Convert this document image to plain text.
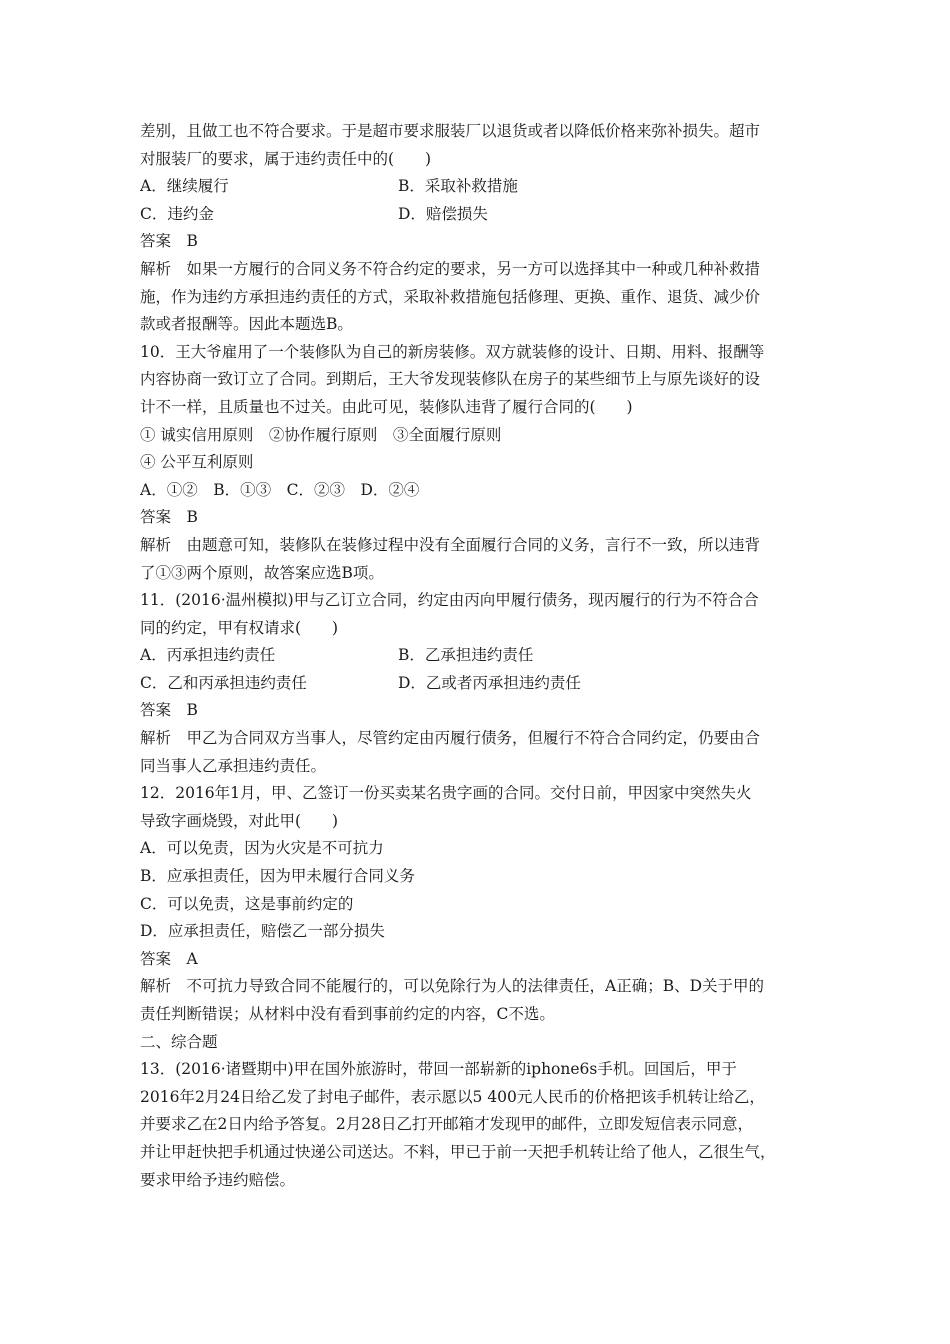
差别，且做工也不符合要求。于是超市要求服装厂以退货或者以降低价格来弥补损失。超市
对服装厂的要求，属于违约责任中的(　　)
A．继续履行	B．采取补救措施
C．违约金	D．赔偿损失
答案　B
解析　如果一方履行的合同义务不符合约定的要求，另一方可以选择其中一种或几种补救措
施，作为违约方承担违约责任的方式，采取补救措施包括修理、更换、重作、退货、减少价
款或者报酬等。因此本题选B。
10．王大爷雇用了一个装修队为自己的新房装修。双方就装修的设计、日期、用料、报酬等
内容协商一致订立了合同。到期后，王大爷发现装修队在房子的某些细节上与原先谈好的设
计不一样，且质量也不过关。由此可见，装修队违背了履行合同的(　　)
① 诚实信用原则　②协作履行原则　③全面履行原则
④ 公平互利原则
A．①②　B．①③　C．②③　D．②④
答案　B
解析　由题意可知，装修队在装修过程中没有全面履行合同的义务，言行不一致，所以违背
了①③两个原则，故答案应选B项。
11．(2016·温州模拟)甲与乙订立合同，约定由丙向甲履行债务，现丙履行的行为不符合合
同的约定，甲有权请求(　　)
A．丙承担违约责任	B．乙承担违约责任
C．乙和丙承担违约责任	D．乙或者丙承担违约责任
答案　B
解析　甲乙为合同双方当事人，尽管约定由丙履行债务，但履行不符合合同约定，仍要由合
同当事人乙承担违约责任。
12．2016年1月，甲、乙签订一份买卖某名贵字画的合同。交付日前，甲因家中突然失火
导致字画烧毁，对此甲(　　)
A．可以免责，因为火灾是不可抗力
B．应承担责任，因为甲未履行合同义务
C．可以免责，这是事前约定的
D．应承担责任，赔偿乙一部分损失
答案　A
解析　不可抗力导致合同不能履行的，可以免除行为人的法律责任，A正确；B、D关于甲的
责任判断错误；从材料中没有看到事前约定的内容，C不选。
二、综合题
13．(2016·诸暨期中)甲在国外旅游时，带回一部崭新的iphone6s手机。回国后，甲于
2016年2月24日给乙发了封电子邮件，表示愿以5 400元人民币的价格把该手机转让给乙，
并要求乙在2日内给予答复。2月28日乙打开邮箱才发现甲的邮件，立即发短信表示同意，
并让甲赶快把手机通过快递公司送达。不料，甲已于前一天把手机转让给了他人，乙很生气，
要求甲给予违约赔偿。
